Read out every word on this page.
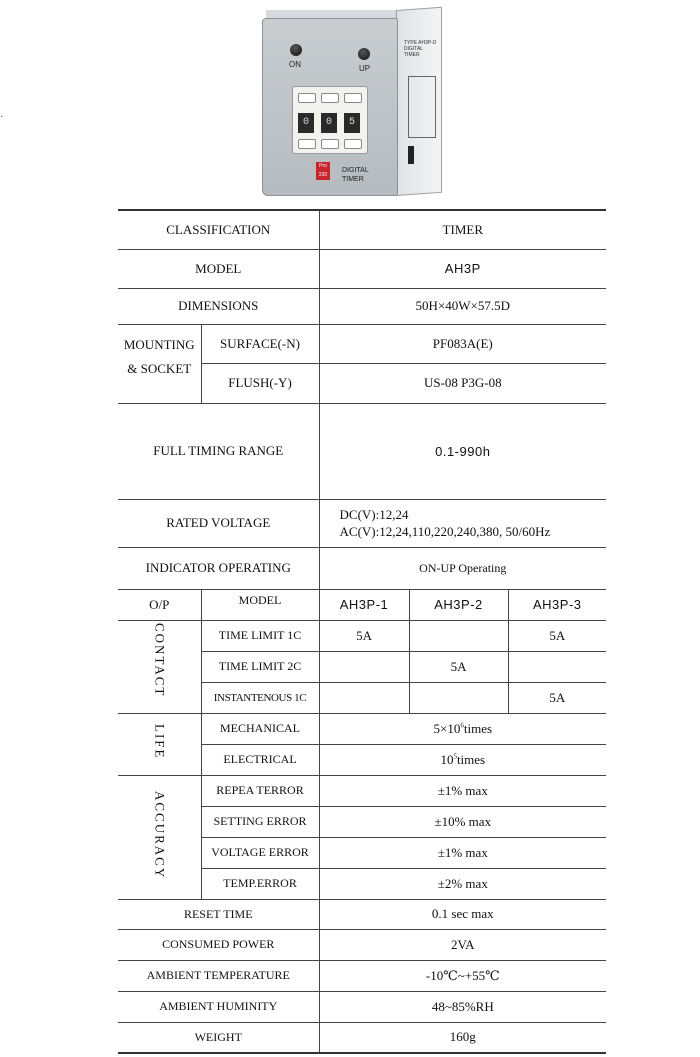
·
ON	UP
0	0	5
Pro 220
DIGITAL
TIMER
TYPE AH3P-D
DIGITAL TIMER
CLASSIFICATION		TIMER		
MODEL		AH3P		
DIMENSIONS		50H×40W×57.5D		

MOUNTING
& SOCKET	SURFACE(-N)	PF083A(E)		
	FLUSH(-Y)	US-08 P3G-08		
FULL TIMING RANGE		0.1-990h		
RATED VOLTAGE		DC(V):12,24
AC(V):12,24,110,220,240,380, 50/60Hz		

INDICATOR OPERATING		ON-UP Operating		
O/P	MODEL	AH3P-1	AH3P-2	AH3P-3
CONTACT	TIME LIMIT 1C	5A		5A
	TIME LIMIT 2C		5A	
	INSTANTENOUS 1C			5A
LIFE	MECHANICAL	$5\times 10^6times$		
	ELECTRICAL	$10^5times$		
ACCURACY	REPEA TERROR	±1% max		
	SETTING ERROR	±10% max		
	VOLTAGE ERROR	±1% max		
	TEMP.ERROR	±2% max		
RESET TIME		0.1 sec max		
CONSUMED POWER		2VA		
AMBIENT TEMPERATURE		-10℃~+55℃		
AMBIENT HUMINITY		48~85%RH		
WEIGHT		160g		
